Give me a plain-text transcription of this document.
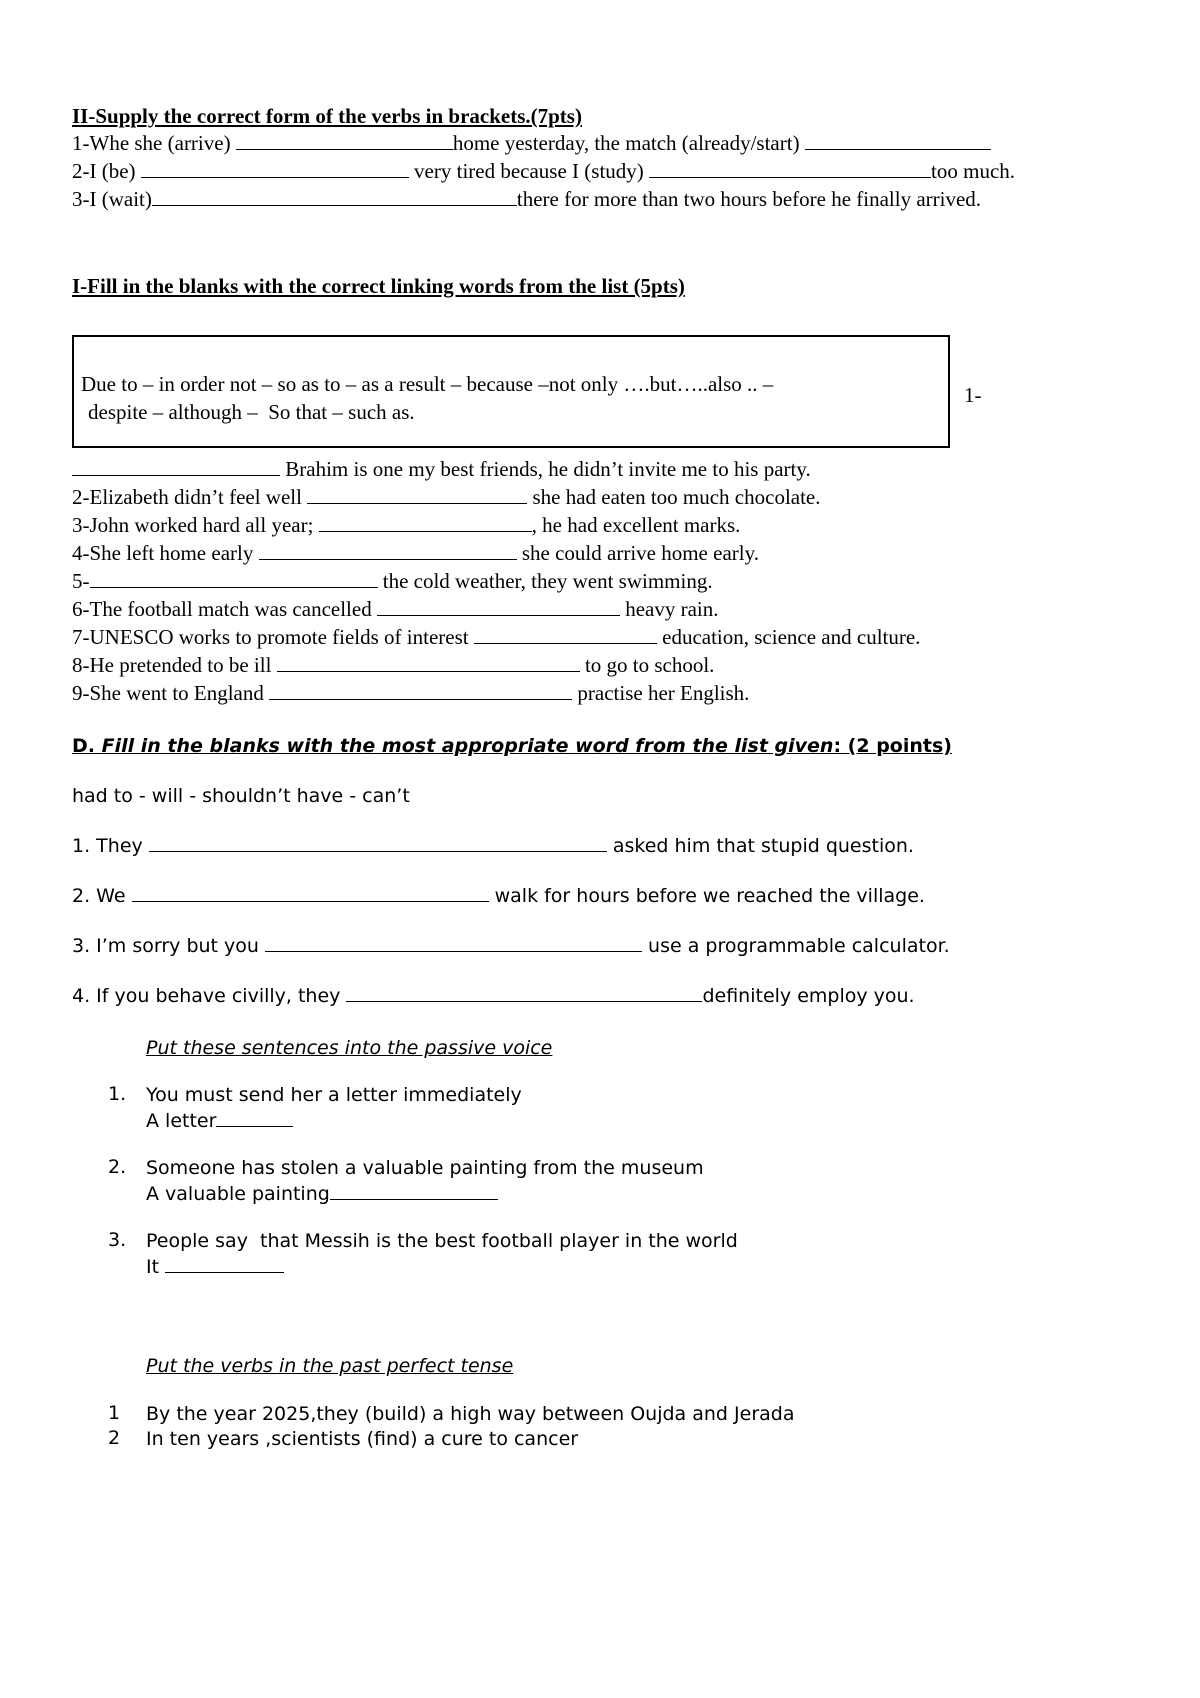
II-Supply the correct form of the verbs in brackets.(7pts)
1-Whe she (arrive)	home yesterday, the match (already/start)
2-I (be)	very tired because I (study)	too much.
3-I (wait)	there for more than two hours before he finally arrived.
I-Fill in the blanks with the correct linking words from the list (5pts)
Due to – in order not – so as to – as a result – because –not only ….but…..also .. –
despite – although –  So that – such as.
1-
Brahim is one my best friends, he didn’t invite me to his party.
2-Elizabeth didn’t feel well	she had eaten too much chocolate.
3-John worked hard all year;	, he had excellent marks.
4-She left home early	she could arrive home early.
5-	the cold weather, they went swimming.
6-The football match was cancelled	heavy rain.
7-UNESCO works to promote fields of interest	education, science and culture.
8-He pretended to be ill	to go to school.
9-She went to England	practise her English.
D. Fill in the blanks with the most appropriate word from the list given: (2 points)
had to - will - shouldn’t have - can’t
1. They	asked him that stupid question.
2. We	walk for hours before we reached the village.
3. I’m sorry but you	use a programmable calculator.
4. If you behave civilly, they	definitely employ you.
Put these sentences into the passive voice
1. You must send her a letter immediately
A letter
2. Someone has stolen a valuable painting from the museum
A valuable painting
3. People say  that Messih is the best football player in the world
It
Put the verbs in the past perfect tense
1 By the year 2025,they (build) a high way between Oujda and Jerada
2 In ten years ,scientists (find) a cure to cancer
